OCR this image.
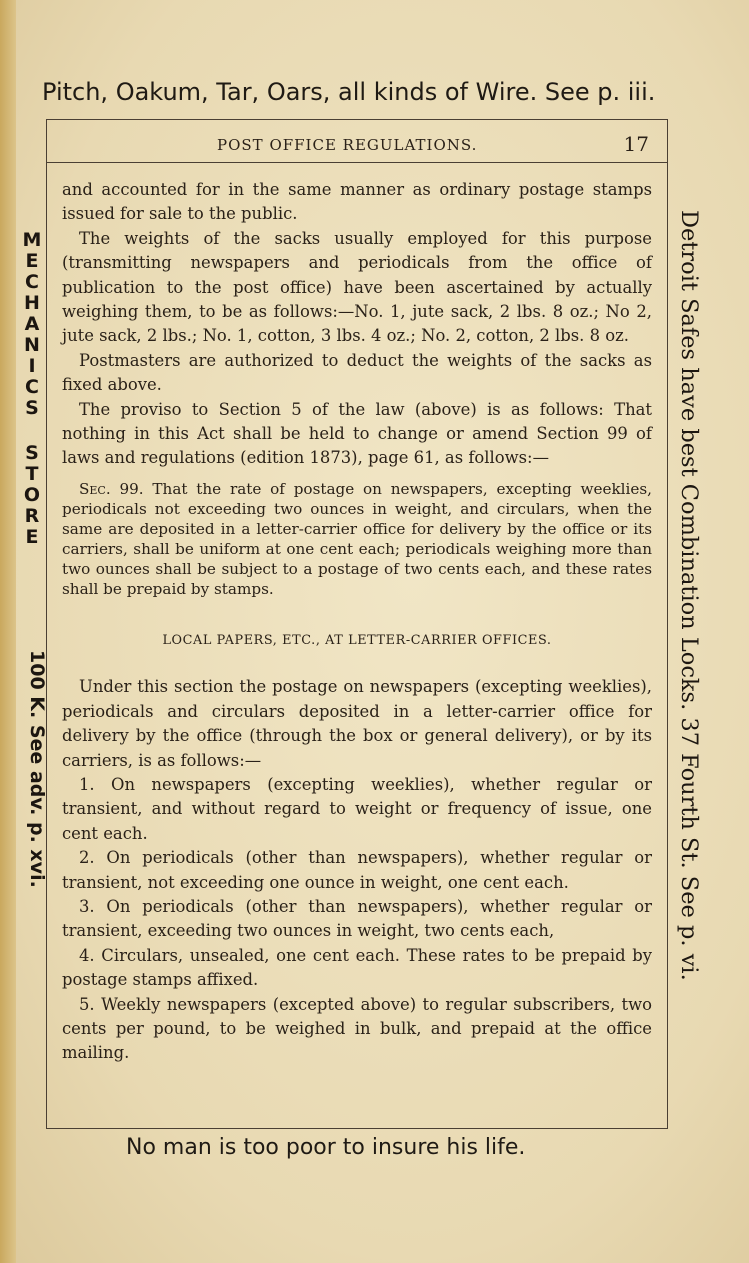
Pitch, Oakum, Tar, Oars, all kinds of Wire. See p. iii.
M
E
C
H
A
N
I
C
S
S
T
O
R
E
100 K. See adv. p. xvi.	Detroit Safes have best Combination Locks. 37 Fourth St. See p. vi.
POST OFFICE REGULATIONS.	17

and accounted for in the same manner as ordinary postage stamps issued for sale to the public.

The weights of the sacks usually employed for this purpose (transmitting newspapers and periodicals from the office of publication to the post office) have been ascertained by actually weighing them, to be as follows:—No. 1, jute sack, 2 lbs. 8 oz.; No 2, jute sack, 2 lbs.; No. 1, cotton, 3 lbs. 4 oz.; No. 2, cotton, 2 lbs. 8 oz.

Postmasters are authorized to deduct the weights of the sacks as fixed above.

The proviso to Section 5 of the law (above) is as follows: That nothing in this Act shall be held to change or amend Section 99 of laws and regulations (edition 1873), page 61, as follows:—

Sec. 99. That the rate of postage on newspapers, excepting weeklies, periodicals not exceeding two ounces in weight, and circulars, when the same are deposited in a letter-carrier office for delivery by the office or its carriers, shall be uniform at one cent each; periodicals weighing more than two ounces shall be subject to a postage of two cents each, and these rates shall be prepaid by stamps.

LOCAL PAPERS, ETC., AT LETTER-CARRIER OFFICES.

Under this section the postage on newspapers (excepting weeklies), periodicals and circulars deposited in a letter-carrier office for delivery by the office (through the box or general delivery), or by its carriers, is as follows:—

1. On newspapers (excepting weeklies), whether regular or transient, and without regard to weight or frequency of issue, one cent each.

2. On periodicals (other than newspapers), whether regular or transient, not exceeding one ounce in weight, one cent each.

3. On periodicals (other than newspapers), whether regular or transient, exceeding two ounces in weight, two cents each,

4. Circulars, unsealed, one cent each. These rates to be prepaid by postage stamps affixed.

5. Weekly newspapers (excepted above) to regular subscribers, two cents per pound, to be weighed in bulk, and prepaid at the office mailing.

No man is too poor to insure his life.
